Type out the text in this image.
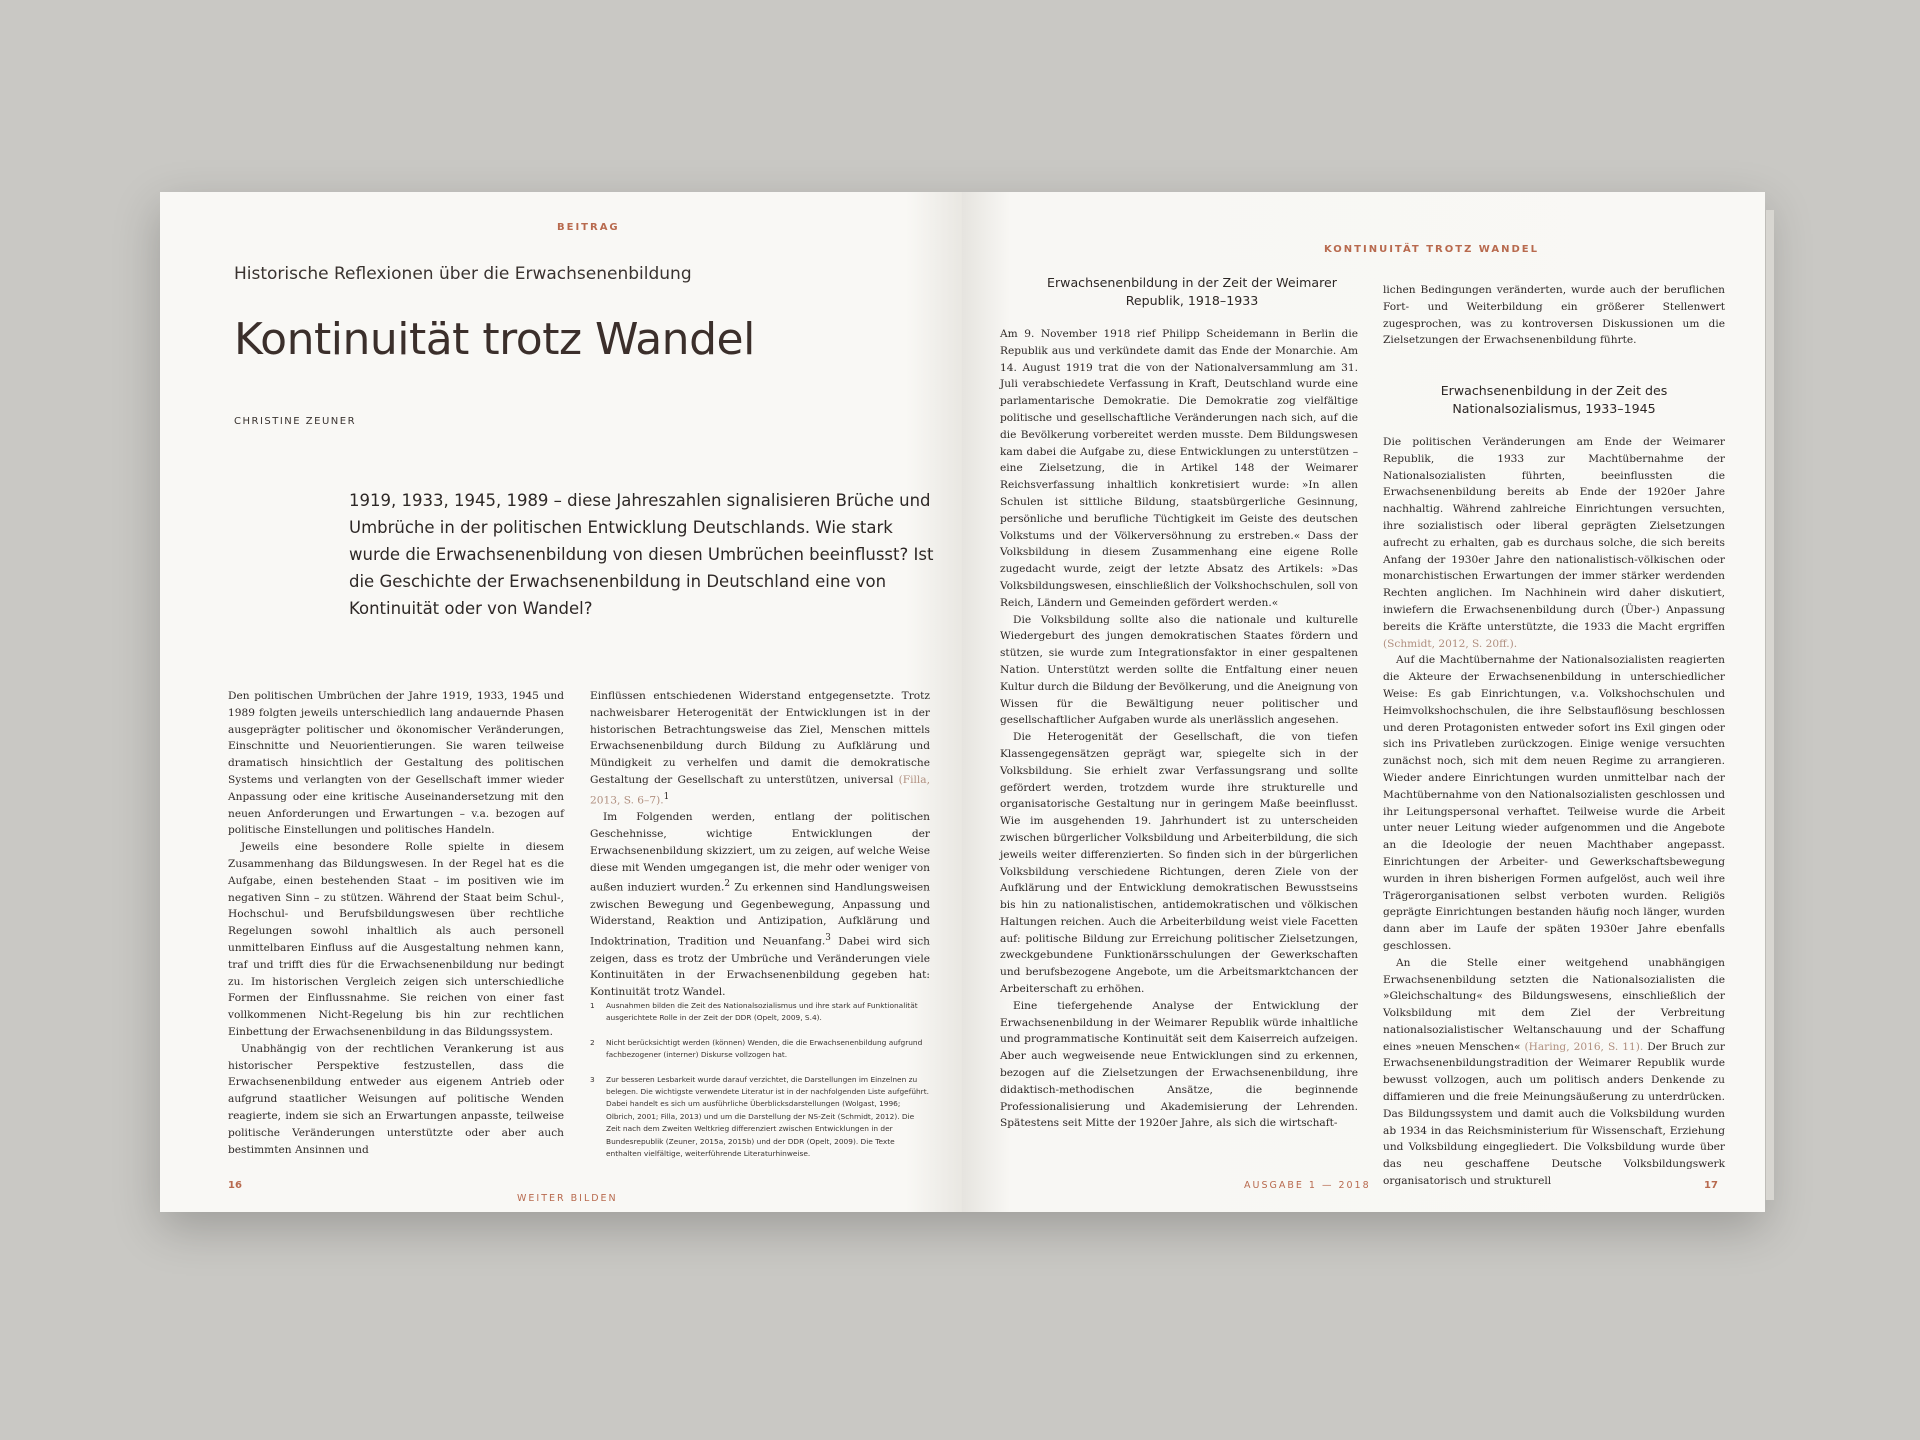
BEITRAG
Historische Reflexionen über die Erwachsenenbildung
Kontinuität trotz Wandel
CHRISTINE ZEUNER
1919, 1933, 1945, 1989 – diese Jahreszahlen signalisieren Brüche und Umbrüche in der politischen Entwicklung Deutschlands. Wie stark wurde die Erwachsenenbildung von diesen Umbrüchen beeinflusst? Ist die Geschichte der Erwachsenenbildung in Deutschland eine von Kontinuität oder von Wandel?

Den politischen Umbrüchen der Jahre 1919, 1933, 1945 und 1989 folgten jeweils unterschiedlich lang andauernde Phasen ausgeprägter politischer und ökonomischer Veränderungen, Einschnitte und Neuorientierungen. Sie waren teilweise dramatisch hinsichtlich der Gestaltung des politischen Systems und verlangten von der Gesellschaft immer wieder Anpassung oder eine kritische Auseinandersetzung mit den neuen Anforderungen und Erwartungen – v.a. bezogen auf politische Einstellungen und politisches Handeln.

Jeweils eine besondere Rolle spielte in diesem Zusammenhang das Bildungswesen. In der Regel hat es die Aufgabe, einen bestehenden Staat – im positiven wie im negativen Sinn – zu stützen. Während der Staat beim Schul-, Hochschul- und Berufsbildungswesen über rechtliche Regelungen sowohl inhaltlich als auch personell unmittelbaren Einfluss auf die Ausgestaltung nehmen kann, traf und trifft dies für die Erwachsenenbildung nur bedingt zu. Im historischen Vergleich zeigen sich unterschiedliche Formen der Einflussnahme. Sie reichen von einer fast vollkommenen Nicht-Regelung bis hin zur rechtlichen Einbettung der Erwachsenenbildung in das Bildungssystem.

Unabhängig von der rechtlichen Verankerung ist aus historischer Perspektive festzustellen, dass die Erwachsenenbildung entweder aus eigenem Antrieb oder aufgrund staatlicher Weisungen auf politische Wenden reagierte, indem sie sich an Erwartungen anpasste, teilweise politische Veränderungen unterstützte oder aber auch bestimmten Ansinnen und

Einflüssen entschiedenen Widerstand entgegensetzte. Trotz nachweisbarer Heterogenität der Entwicklungen ist in der historischen Betrachtungsweise das Ziel, Menschen mittels Erwachsenenbildung durch Bildung zu Aufklärung und Mündigkeit zu verhelfen und damit die demokratische Gestaltung der Gesellschaft zu unterstützen, universal (Filla, 2013, S. 6–7).$^1$

Im Folgenden werden, entlang der politischen Geschehnisse, wichtige Entwicklungen der Erwachsenenbildung skizziert, um zu zeigen, auf welche Weise diese mit Wenden umgegangen ist, die mehr oder weniger von außen induziert wurden.$^2$ Zu erkennen sind Handlungsweisen zwischen Bewegung und Gegenbewegung, Anpassung und Widerstand, Reaktion und Antizipation, Aufklärung und Indoktrination, Tradition und Neuanfang.$^3$ Dabei wird sich zeigen, dass es trotz der Umbrüche und Veränderungen viele Kontinuitäten in der Erwachsenenbildung gegeben hat: Kontinuität trotz Wandel.

1 Ausnahmen bilden die Zeit des Nationalsozialismus und ihre stark auf Funktionalität ausgerichtete Rolle in der Zeit der DDR (Opelt, 2009, S.4).
2 Nicht berücksichtigt werden (können) Wenden, die die Erwachsenenbildung aufgrund fachbezogener (interner) Diskurse vollzogen hat.
3 Zur besseren Lesbarkeit wurde darauf verzichtet, die Darstellungen im Einzelnen zu belegen. Die wichtigste verwendete Literatur ist in der nachfolgenden Liste aufgeführt. Dabei handelt es sich um ausführliche Überblicksdarstellungen (Wolgast, 1996; Olbrich, 2001; Filla, 2013) und um die Darstellung der NS-Zeit (Schmidt, 2012). Die Zeit nach dem Zweiten Weltkrieg differenziert zwischen Entwicklungen in der Bundesrepublik (Zeuner, 2015a, 2015b) und der DDR (Opelt, 2009). Die Texte enthalten vielfältige, weiterführende Literaturhinweise.
16
WEITER BILDEN
KONTINUITÄT TROTZ WANDEL
Erwachsenenbildung in der Zeit der Weimarer Republik, 1918–1933

Am 9. November 1918 rief Philipp Scheidemann in Berlin die Republik aus und verkündete damit das Ende der Monarchie. Am 14. August 1919 trat die von der Nationalversammlung am 31. Juli verabschiedete Verfassung in Kraft, Deutschland wurde eine parlamentarische Demokratie. Die Demokratie zog vielfältige politische und gesellschaftliche Veränderungen nach sich, auf die die Bevölkerung vorbereitet werden musste. Dem Bildungswesen kam dabei die Aufgabe zu, diese Entwicklungen zu unterstützen – eine Zielsetzung, die in Artikel 148 der Weimarer Reichsverfassung inhaltlich konkretisiert wurde: »In allen Schulen ist sittliche Bildung, staatsbürgerliche Gesinnung, persönliche und berufliche Tüchtigkeit im Geiste des deutschen Volkstums und der Völkerversöhnung zu erstreben.« Dass der Volksbildung in diesem Zusammenhang eine eigene Rolle zugedacht wurde, zeigt der letzte Absatz des Artikels: »Das Volksbildungswesen, einschließlich der Volkshochschulen, soll von Reich, Ländern und Gemeinden gefördert werden.«

Die Volksbildung sollte also die nationale und kulturelle Wiedergeburt des jungen demokratischen Staates fördern und stützen, sie wurde zum Integrationsfaktor in einer gespaltenen Nation. Unterstützt werden sollte die Entfaltung einer neuen Kultur durch die Bildung der Bevölkerung, und die Aneignung von Wissen für die Bewältigung neuer politischer und gesellschaftlicher Aufgaben wurde als unerlässlich angesehen.

Die Heterogenität der Gesellschaft, die von tiefen Klassengegensätzen geprägt war, spiegelte sich in der Volksbildung. Sie erhielt zwar Verfassungsrang und sollte gefördert werden, trotzdem wurde ihre strukturelle und organisatorische Gestaltung nur in geringem Maße beeinflusst. Wie im ausgehenden 19. Jahrhundert ist zu unterscheiden zwischen bürgerlicher Volksbildung und Arbeiterbildung, die sich jeweils weiter differenzierten. So finden sich in der bürgerlichen Volksbildung verschiedene Richtungen, deren Ziele von der Aufklärung und der Entwicklung demokratischen Bewusstseins bis hin zu nationalistischen, antidemokratischen und völkischen Haltungen reichen. Auch die Arbeiterbildung weist viele Facetten auf: politische Bildung zur Erreichung politischer Zielsetzungen, zweckgebundene Funktionärsschulungen der Gewerkschaften und berufsbezogene Angebote, um die Arbeitsmarktchancen der Arbeiterschaft zu erhöhen.

Eine tiefergehende Analyse der Entwicklung der Erwachsenenbildung in der Weimarer Republik würde inhaltliche und programmatische Kontinuität seit dem Kaiserreich aufzeigen. Aber auch wegweisende neue Entwicklungen sind zu erkennen, bezogen auf die Zielsetzungen der Erwachsenenbildung, ihre didaktisch-methodischen Ansätze, die beginnende Professionalisierung und Akademisierung der Lehrenden. Spätestens seit Mitte der 1920er Jahre, als sich die wirtschaft-

lichen Bedingungen veränderten, wurde auch der beruflichen Fort- und Weiterbildung ein größerer Stellenwert zugesprochen, was zu kontroversen Diskussionen um die Zielsetzungen der Erwachsenenbildung führte.

Erwachsenenbildung in der Zeit des Nationalsozialismus, 1933–1945

Die politischen Veränderungen am Ende der Weimarer Republik, die 1933 zur Machtübernahme der Nationalsozialisten führten, beeinflussten die Erwachsenenbildung bereits ab Ende der 1920er Jahre nachhaltig. Während zahlreiche Einrichtungen versuchten, ihre sozialistisch oder liberal geprägten Zielsetzungen aufrecht zu erhalten, gab es durchaus solche, die sich bereits Anfang der 1930er Jahre den nationalistisch-völkischen oder monarchistischen Erwartungen der immer stärker werdenden Rechten anglichen. Im Nachhinein wird daher diskutiert, inwiefern die Erwachsenenbildung durch (Über-) Anpassung bereits die Kräfte unterstützte, die 1933 die Macht ergriffen (Schmidt, 2012, S. 20ff.).

Auf die Machtübernahme der Nationalsozialisten reagierten die Akteure der Erwachsenenbildung in unterschiedlicher Weise: Es gab Einrichtungen, v.a. Volkshochschulen und Heimvolkshochschulen, die ihre Selbstauflösung beschlossen und deren Protagonisten entweder sofort ins Exil gingen oder sich ins Privatleben zurückzogen. Einige wenige versuchten zunächst noch, sich mit dem neuen Regime zu arrangieren. Wieder andere Einrichtungen wurden unmittelbar nach der Machtübernahme von den Nationalsozialisten geschlossen und ihr Leitungspersonal verhaftet. Teilweise wurde die Arbeit unter neuer Leitung wieder aufgenommen und die Angebote an die Ideologie der neuen Machthaber angepasst. Einrichtungen der Arbeiter- und Gewerkschaftsbewegung wurden in ihren bisherigen Formen aufgelöst, auch weil ihre Trägerorganisationen selbst verboten wurden. Religiös geprägte Einrichtungen bestanden häufig noch länger, wurden dann aber im Laufe der späten 1930er Jahre ebenfalls geschlossen.

An die Stelle einer weitgehend unabhängigen Erwachsenenbildung setzten die Nationalsozialisten die »Gleichschaltung« des Bildungswesens, einschließlich der Volksbildung mit dem Ziel der Verbreitung nationalsozialistischer Weltanschauung und der Schaffung eines »neuen Menschen« (Haring, 2016, S. 11). Der Bruch zur Erwachsenenbildungstradition der Weimarer Republik wurde bewusst vollzogen, auch um politisch anders Denkende zu diffamieren und die freie Meinungsäußerung zu unterdrücken. Das Bildungssystem und damit auch die Volksbildung wurden ab 1934 in das Reichsministerium für Wissenschaft, Erziehung und Volksbildung eingegliedert. Die Volksbildung wurde über das neu geschaffene Deutsche Volksbildungswerk organisatorisch und strukturell

AUSGABE 1 — 2018	17
